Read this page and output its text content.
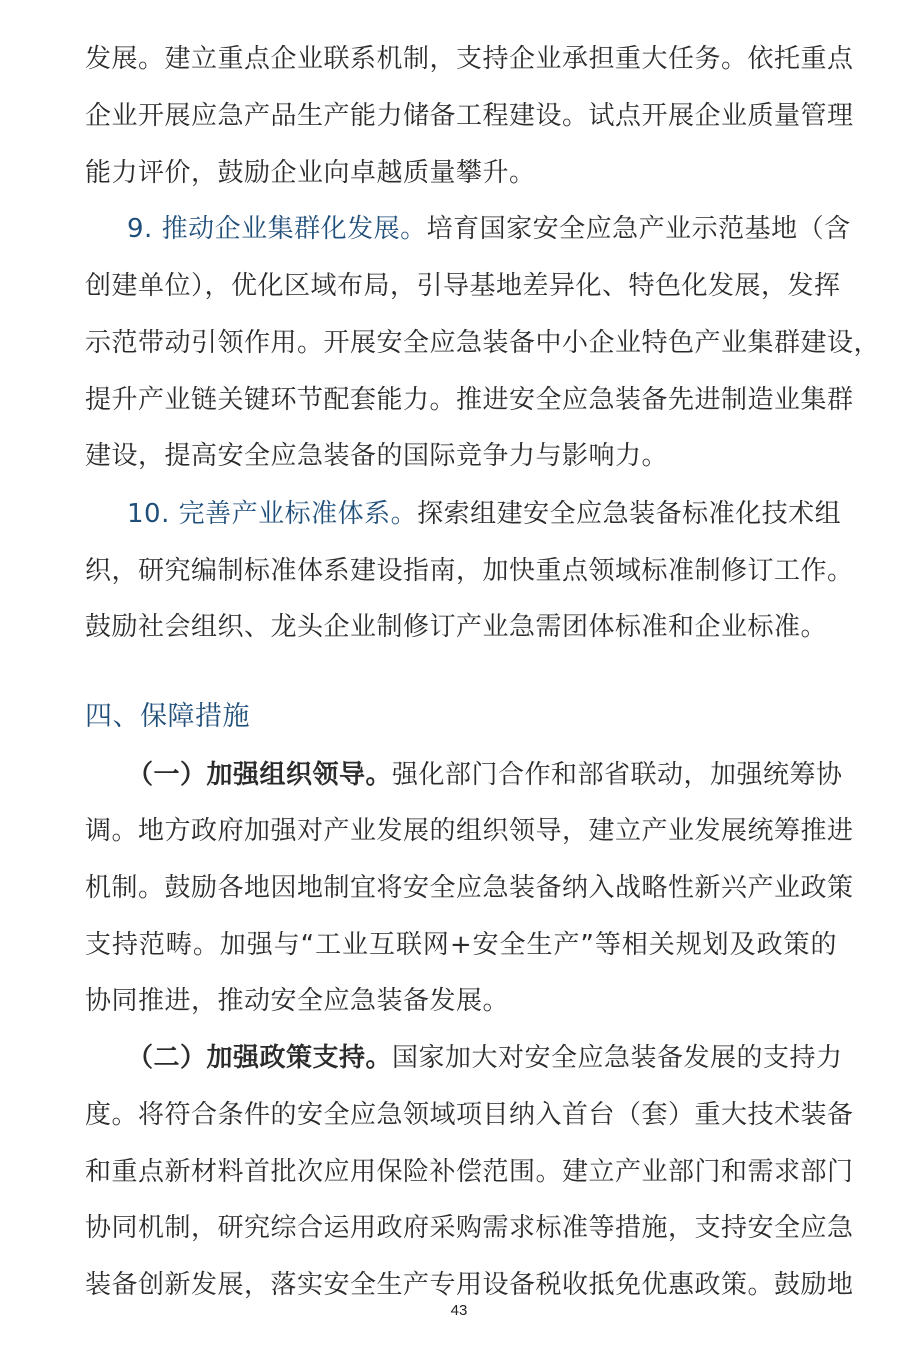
发展。建立重点企业联系机制，支持企业承担重大任务。依托重点
企业开展应急产品生产能力储备工程建设。试点开展企业质量管理
能力评价，鼓励企业向卓越质量攀升。
9. 推动企业集群化发展。培育国家安全应急产业示范基地（含
创建单位），优化区域布局，引导基地差异化、特色化发展，发挥
示范带动引领作用。开展安全应急装备中小企业特色产业集群建设，
提升产业链关键环节配套能力。推进安全应急装备先进制造业集群
建设，提高安全应急装备的国际竞争力与影响力。
10. 完善产业标准体系。探索组建安全应急装备标准化技术组
织，研究编制标准体系建设指南，加快重点领域标准制修订工作。
鼓励社会组织、龙头企业制修订产业急需团体标准和企业标准。
四、保障措施
（一）加强组织领导。强化部门合作和部省联动，加强统筹协
调。地方政府加强对产业发展的组织领导，建立产业发展统筹推进
机制。鼓励各地因地制宜将安全应急装备纳入战略性新兴产业政策
支持范畴。加强与“工业互联网+安全生产”等相关规划及政策的
协同推进，推动安全应急装备发展。
（二）加强政策支持。国家加大对安全应急装备发展的支持力
度。将符合条件的安全应急领域项目纳入首台（套）重大技术装备
和重点新材料首批次应用保险补偿范围。建立产业部门和需求部门
协同机制，研究综合运用政府采购需求标准等措施，支持安全应急
装备创新发展，落实安全生产专用设备税收抵免优惠政策。鼓励地
43
